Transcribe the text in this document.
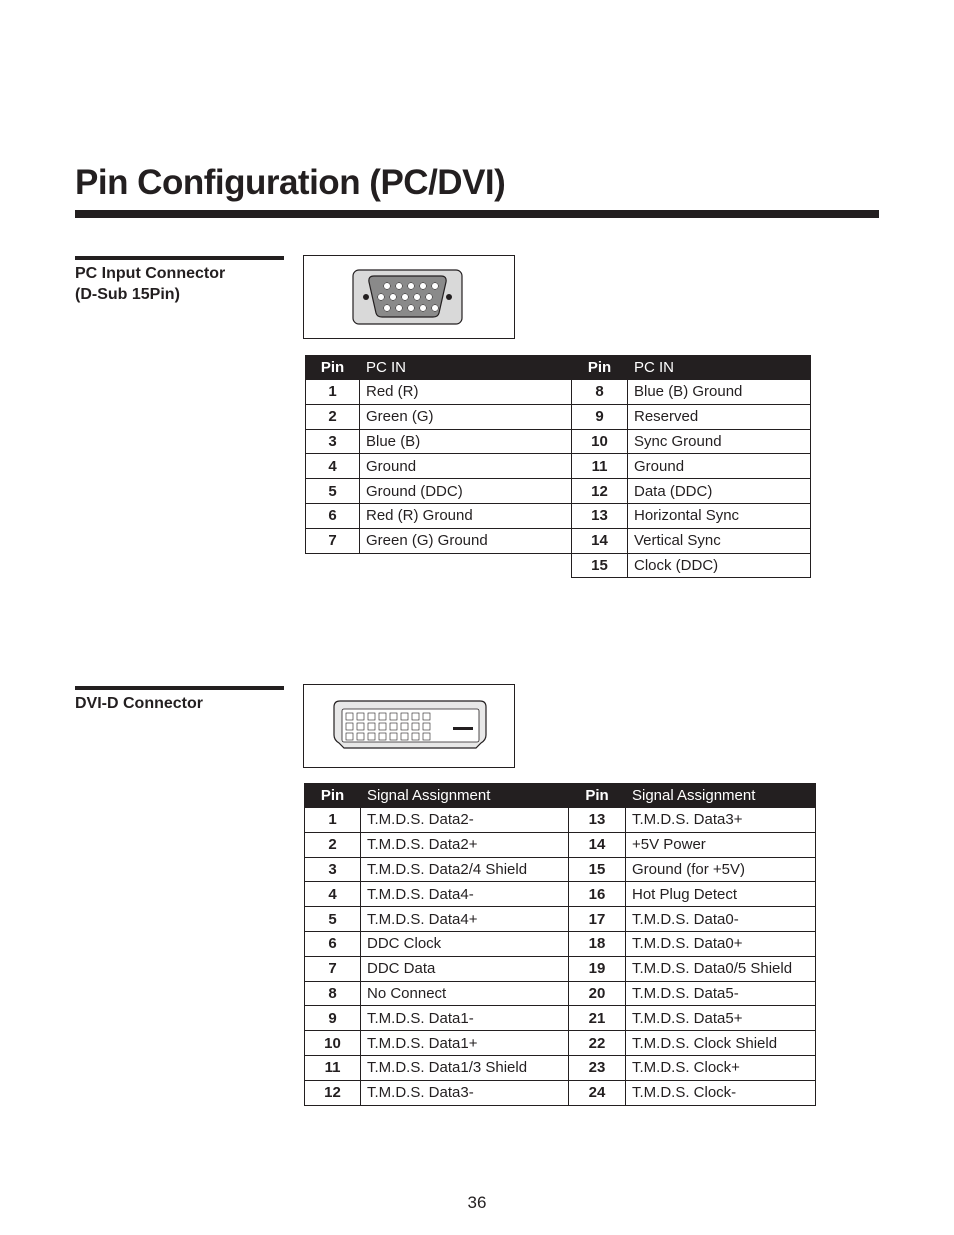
Pin Configuration (PC/DVI)
PC Input Connector
(D-Sub 15Pin)
Pin	PC IN	Pin	PC IN
1	Red (R)	8	Blue (B) Ground
2	Green (G)	9	Reserved
3	Blue (B)	10	Sync Ground
4	Ground	11	Ground
5	Ground (DDC)	12	Data (DDC)
6	Red (R) Ground	13	Horizontal Sync
7	Green (G) Ground	14	Vertical Sync
		15	Clock (DDC)
DVI-D Connector
Pin	Signal Assignment	Pin	Signal Assignment
1	T.M.D.S. Data2-	13	T.M.D.S. Data3+
2	T.M.D.S. Data2+	14	+5V Power
3	T.M.D.S. Data2/4 Shield	15	Ground (for +5V)
4	T.M.D.S. Data4-	16	Hot Plug Detect
5	T.M.D.S. Data4+	17	T.M.D.S. Data0-
6	DDC Clock	18	T.M.D.S. Data0+
7	DDC Data	19	T.M.D.S. Data0/5 Shield
8	No Connect	20	T.M.D.S. Data5-
9	T.M.D.S. Data1-	21	T.M.D.S. Data5+
10	T.M.D.S. Data1+	22	T.M.D.S. Clock Shield
11	T.M.D.S. Data1/3 Shield	23	T.M.D.S. Clock+
12	T.M.D.S. Data3-	24	T.M.D.S. Clock-
36
